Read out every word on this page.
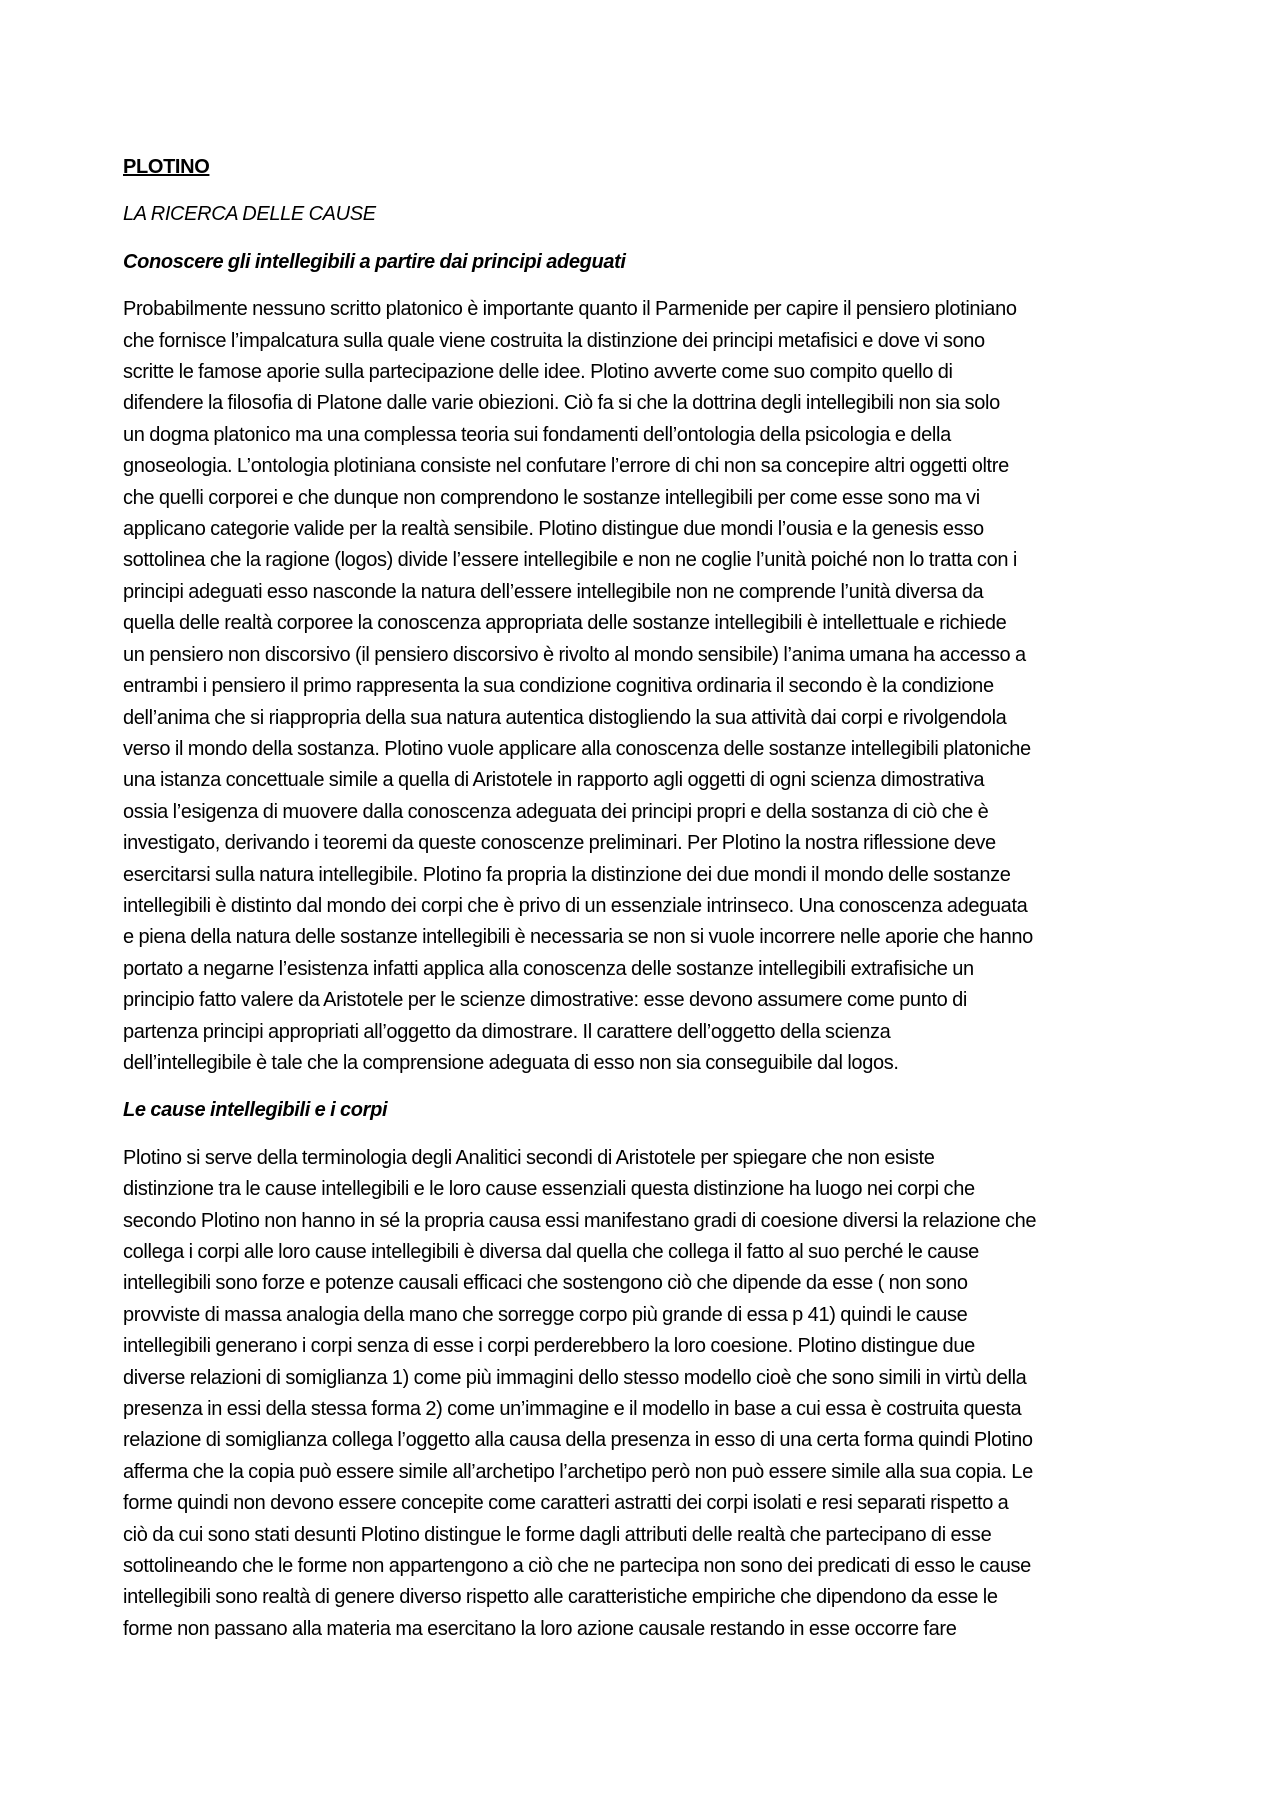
PLOTINO
LA RICERCA DELLE CAUSE
Conoscere gli intellegibili a partire dai principi adeguati
Probabilmente nessuno scritto platonico è importante quanto il Parmenide per capire il pensiero plotiniano
che fornisce l’impalcatura sulla quale viene costruita la distinzione dei principi metafisici e dove vi sono
scritte le famose aporie sulla partecipazione delle idee. Plotino avverte come suo compito quello di
difendere la filosofia di Platone dalle varie obiezioni. Ciò fa si che la dottrina degli intellegibili non sia solo
un dogma platonico ma una complessa teoria sui fondamenti dell’ontologia della psicologia e della
gnoseologia. L’ontologia plotiniana consiste nel confutare l’errore di chi non sa concepire altri oggetti oltre
che quelli corporei e che dunque non comprendono le sostanze intellegibili per come esse sono ma vi
applicano categorie valide per la realtà sensibile. Plotino distingue due mondi l’ousia e la genesis esso
sottolinea che la ragione (logos) divide l’essere intellegibile e non ne coglie l’unità poiché non lo tratta con i
principi adeguati esso nasconde la natura dell’essere intellegibile non ne comprende l’unità diversa da
quella delle realtà corporee la conoscenza appropriata delle sostanze intellegibili è intellettuale e richiede
un pensiero non discorsivo (il pensiero discorsivo è rivolto al mondo sensibile) l’anima umana ha accesso a
entrambi i pensiero il primo rappresenta la sua condizione cognitiva ordinaria il secondo è la condizione
dell’anima che si riappropria della sua natura autentica distogliendo la sua attività dai corpi e rivolgendola
verso il mondo della sostanza. Plotino vuole applicare alla conoscenza delle sostanze intellegibili platoniche
una istanza concettuale simile a quella di Aristotele in rapporto agli oggetti di ogni scienza dimostrativa
ossia l’esigenza di muovere dalla conoscenza adeguata dei principi propri e della sostanza di ciò che è
investigato, derivando i teoremi da queste conoscenze preliminari. Per Plotino la nostra riflessione deve
esercitarsi sulla natura intellegibile. Plotino fa propria la distinzione dei due mondi il mondo delle sostanze
intellegibili è distinto dal mondo dei corpi che è privo di un essenziale intrinseco. Una conoscenza adeguata
e piena della natura delle sostanze intellegibili è necessaria se non si vuole incorrere nelle aporie che hanno
portato a negarne l’esistenza infatti applica alla conoscenza delle sostanze intellegibili extrafisiche un
principio fatto valere da Aristotele per le scienze dimostrative: esse devono assumere come punto di
partenza principi appropriati all’oggetto da dimostrare. Il carattere dell’oggetto della scienza
dell’intellegibile è tale che la comprensione adeguata di esso non sia conseguibile dal logos.
Le cause intellegibili e i corpi
Plotino si serve della terminologia degli Analitici secondi di Aristotele per spiegare che non esiste
distinzione tra le cause intellegibili e le loro cause essenziali questa distinzione ha luogo nei corpi che
secondo Plotino non hanno in sé la propria causa essi manifestano gradi di coesione diversi la relazione che
collega i corpi alle loro cause intellegibili è diversa dal quella che collega il fatto al suo perché le cause
intellegibili sono forze e potenze causali efficaci che sostengono ciò che dipende da esse ( non sono
provviste di massa analogia della mano che sorregge corpo più grande di essa p 41) quindi le cause
intellegibili generano i corpi senza di esse i corpi perderebbero la loro coesione. Plotino distingue due
diverse relazioni di somiglianza 1) come più immagini dello stesso modello cioè che sono simili in virtù della
presenza in essi della stessa forma 2) come un’immagine e il modello in base a cui essa è costruita questa
relazione di somiglianza collega l’oggetto alla causa della presenza in esso di una certa forma quindi Plotino
afferma che la copia può essere simile all’archetipo l’archetipo però non può essere simile alla sua copia. Le
forme quindi non devono essere concepite come caratteri astratti dei corpi isolati e resi separati rispetto a
ciò da cui sono stati desunti Plotino distingue le forme dagli attributi delle realtà che partecipano di esse
sottolineando che le forme non appartengono a ciò che ne partecipa non sono dei predicati di esso le cause
intellegibili sono realtà di genere diverso rispetto alle caratteristiche empiriche che dipendono da esse le
forme non passano alla materia ma esercitano la loro azione causale restando in esse occorre fare
